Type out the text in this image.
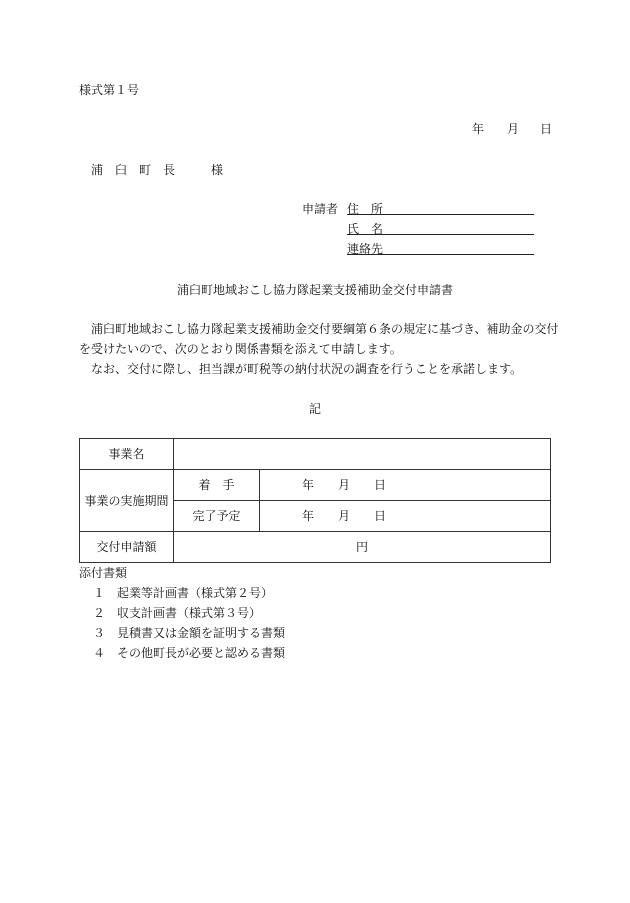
様式第１号
年 月 日
浦　臼　町　長　　　様
申請者 住　所
氏　名
連絡先
浦臼町地域おこし協力隊起業支援補助金交付申請書
　浦臼町地域おこし協力隊起業支援補助金交付要綱第６条の規定に基づき、補助金の交付
を受けたいので、次のとおり関係書類を添えて申請します。
　なお、交付に際し、担当課が町税等の納付状況の調査を行うことを承諾します。
記
事業名		
事業の実施期間	着　手	年　　月　　日
	完了予定	年　　月　　日
交付申請額	円	
添付書類
１　起業等計画書（様式第２号）
２　収支計画書（様式第３号）
３　見積書又は金額を証明する書類
４　その他町長が必要と認める書類
